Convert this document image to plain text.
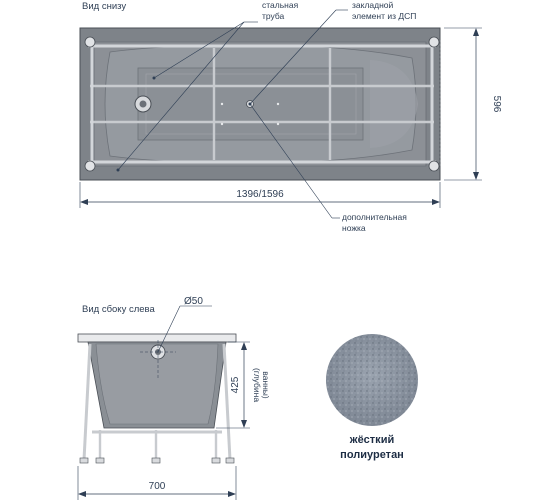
Вид снизу	стальная
труба
закладной
элемент из ДСП
дополнительная
ножка
1396/1596
596
Вид сбоку слева
Ø50
425 (глубина ванны)
700
жёсткий
полиуретан
